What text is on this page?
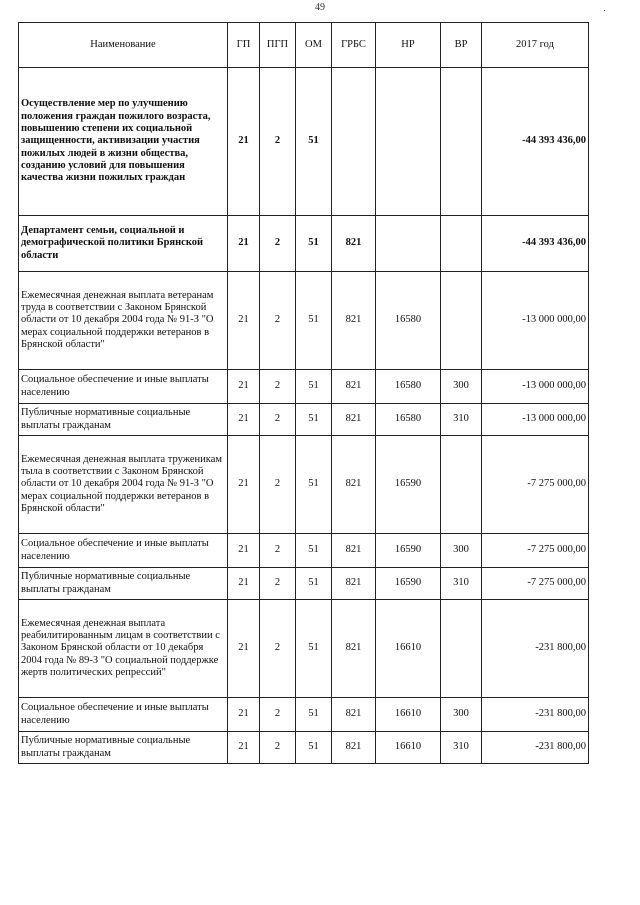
49
Наименование	ГП	ПГП	ОМ	ГРБС	НР	ВР	2017 год
Осуществление мер по улучшению положения граждан пожилого возраста, повышению степени их социальной защищенности, активизации участия пожилых людей в жизни общества, созданию условий для повышения качества жизни пожилых граждан	21	2	51				-44 393 436,00
Департамент семьи, социальной и демографической политики Брянской области	21	2	51	821			-44 393 436,00
Ежемесячная денежная выплата ветеранам труда в соответствии с Законом Брянской области от 10 декабря 2004 года № 91-З "О мерах социальной поддержки ветеранов в Брянской области"	21	2	51	821	16580		-13 000 000,00
Социальное обеспечение и иные выплаты населению	21	2	51	821	16580	300	-13 000 000,00
Публичные нормативные социальные выплаты гражданам	21	2	51	821	16580	310	-13 000 000,00
Ежемесячная денежная выплата труженикам тыла в соответствии с Законом Брянской области от 10 декабря 2004 года № 91-З "О мерах социальной поддержки ветеранов в Брянской области"	21	2	51	821	16590		-7 275 000,00
Социальное обеспечение и иные выплаты населению	21	2	51	821	16590	300	-7 275 000,00
Публичные нормативные социальные выплаты гражданам	21	2	51	821	16590	310	-7 275 000,00
Ежемесячная денежная выплата реабилитированным лицам в соответствии с Законом Брянской области от 10 декабря 2004 года № 89-З "О социальной поддержке жертв политических репрессий"	21	2	51	821	16610		-231 800,00
Социальное обеспечение и иные выплаты населению	21	2	51	821	16610	300	-231 800,00
Публичные нормативные социальные выплаты гражданам	21	2	51	821	16610	310	-231 800,00
